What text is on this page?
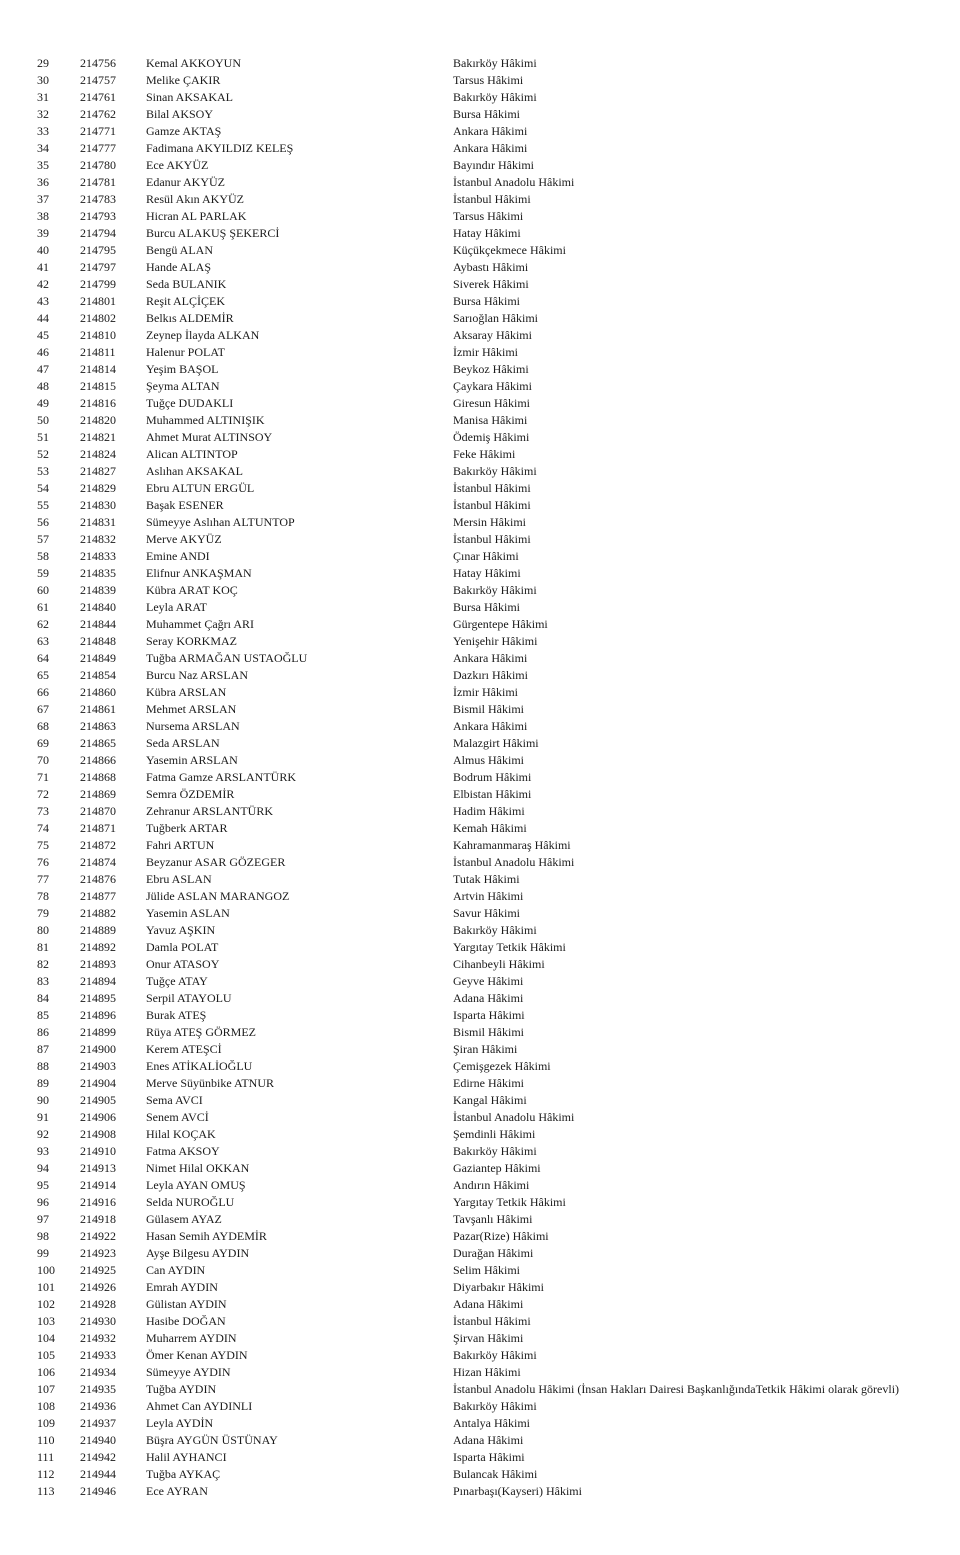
29	214756	Kemal AKKOYUN	Bakırköy Hâkimi
30	214757	Melike ÇAKIR	Tarsus Hâkimi
31	214761	Sinan AKSAKAL	Bakırköy Hâkimi
32	214762	Bilal AKSOY	Bursa Hâkimi
33	214771	Gamze AKTAŞ	Ankara Hâkimi
34	214777	Fadimana AKYILDIZ KELEŞ	Ankara Hâkimi
35	214780	Ece AKYÜZ	Bayındır Hâkimi
36	214781	Edanur AKYÜZ	İstanbul Anadolu Hâkimi
37	214783	Resül Akın AKYÜZ	İstanbul Hâkimi
38	214793	Hicran AL PARLAK	Tarsus Hâkimi
39	214794	Burcu ALAKUŞ ŞEKERCİ	Hatay Hâkimi
40	214795	Bengü ALAN	Küçükçekmece Hâkimi
41	214797	Hande ALAŞ	Aybastı Hâkimi
42	214799	Seda BULANIK	Siverek Hâkimi
43	214801	Reşit ALÇİÇEK	Bursa Hâkimi
44	214802	Belkıs ALDEMİR	Sarıoğlan Hâkimi
45	214810	Zeynep İlayda ALKAN	Aksaray Hâkimi
46	214811	Halenur POLAT	İzmir Hâkimi
47	214814	Yeşim BAŞOL	Beykoz Hâkimi
48	214815	Şeyma ALTAN	Çaykara Hâkimi
49	214816	Tuğçe DUDAKLI	Giresun Hâkimi
50	214820	Muhammed ALTINIŞIK	Manisa Hâkimi
51	214821	Ahmet Murat ALTINSOY	Ödemiş Hâkimi
52	214824	Alican ALTINTOP	Feke Hâkimi
53	214827	Aslıhan AKSAKAL	Bakırköy Hâkimi
54	214829	Ebru ALTUN ERGÜL	İstanbul Hâkimi
55	214830	Başak ESENER	İstanbul Hâkimi
56	214831	Sümeyye Aslıhan ALTUNTOP	Mersin Hâkimi
57	214832	Merve AKYÜZ	İstanbul Hâkimi
58	214833	Emine ANDI	Çınar Hâkimi
59	214835	Elifnur ANKAŞMAN	Hatay Hâkimi
60	214839	Kübra ARAT KOÇ	Bakırköy Hâkimi
61	214840	Leyla ARAT	Bursa Hâkimi
62	214844	Muhammet Çağrı ARI	Gürgentepe Hâkimi
63	214848	Seray KORKMAZ	Yenişehir Hâkimi
64	214849	Tuğba ARMAĞAN USTAOĞLU	Ankara Hâkimi
65	214854	Burcu Naz ARSLAN	Dazkırı Hâkimi
66	214860	Kübra ARSLAN	İzmir Hâkimi
67	214861	Mehmet ARSLAN	Bismil Hâkimi
68	214863	Nursema ARSLAN	Ankara Hâkimi
69	214865	Seda ARSLAN	Malazgirt Hâkimi
70	214866	Yasemin ARSLAN	Almus Hâkimi
71	214868	Fatma Gamze ARSLANTÜRK	Bodrum Hâkimi
72	214869	Semra ÖZDEMİR	Elbistan Hâkimi
73	214870	Zehranur ARSLANTÜRK	Hadim Hâkimi
74	214871	Tuğberk ARTAR	Kemah Hâkimi
75	214872	Fahri ARTUN	Kahramanmaraş Hâkimi
76	214874	Beyzanur ASAR GÖZEGER	İstanbul Anadolu Hâkimi
77	214876	Ebru ASLAN	Tutak Hâkimi
78	214877	Jülide ASLAN MARANGOZ	Artvin Hâkimi
79	214882	Yasemin ASLAN	Savur Hâkimi
80	214889	Yavuz AŞKIN	Bakırköy Hâkimi
81	214892	Damla POLAT	Yargıtay Tetkik Hâkimi
82	214893	Onur ATASOY	Cihanbeyli Hâkimi
83	214894	Tuğçe ATAY	Geyve Hâkimi
84	214895	Serpil ATAYOLU	Adana Hâkimi
85	214896	Burak ATEŞ	Isparta Hâkimi
86	214899	Rüya ATEŞ GÖRMEZ	Bismil Hâkimi
87	214900	Kerem ATEŞCİ	Şiran Hâkimi
88	214903	Enes ATİKALİOĞLU	Çemişgezek Hâkimi
89	214904	Merve Süyünbike ATNUR	Edirne Hâkimi
90	214905	Sema AVCI	Kangal Hâkimi
91	214906	Senem AVCİ	İstanbul Anadolu Hâkimi
92	214908	Hilal KOÇAK	Şemdinli Hâkimi
93	214910	Fatma AKSOY	Bakırköy Hâkimi
94	214913	Nimet Hilal OKKAN	Gaziantep Hâkimi
95	214914	Leyla AYAN OMUŞ	Andırın Hâkimi
96	214916	Selda NUROĞLU	Yargıtay Tetkik Hâkimi
97	214918	Gülasem AYAZ	Tavşanlı Hâkimi
98	214922	Hasan Semih AYDEMİR	Pazar(Rize) Hâkimi
99	214923	Ayşe Bilgesu AYDIN	Durağan Hâkimi
100 214925	Can AYDIN	Selim Hâkimi
101 214926	Emrah AYDIN	Diyarbakır Hâkimi
102 214928	Gülistan AYDIN	Adana Hâkimi
103 214930	Hasibe DOĞAN	İstanbul Hâkimi
104 214932	Muharrem AYDIN	Şirvan Hâkimi
105 214933	Ömer Kenan AYDIN	Bakırköy Hâkimi
106 214934	Sümeyye AYDIN	Hizan Hâkimi
107 214935	Tuğba AYDIN	İstanbul Anadolu Hâkimi (İnsan Hakları Dairesi BaşkanlığındaTetkik Hâkimi olarak görevli)
108 214936	Ahmet Can AYDINLI	Bakırköy Hâkimi
109 214937	Leyla AYDİN	Antalya Hâkimi
110 214940	Büşra AYGÜN ÜSTÜNAY	Adana Hâkimi
111 214942	Halil AYHANCI	Isparta Hâkimi
112 214944	Tuğba AYKAÇ	Bulancak Hâkimi
113 214946	Ece AYRAN	Pınarbaşı(Kayseri) Hâkimi
